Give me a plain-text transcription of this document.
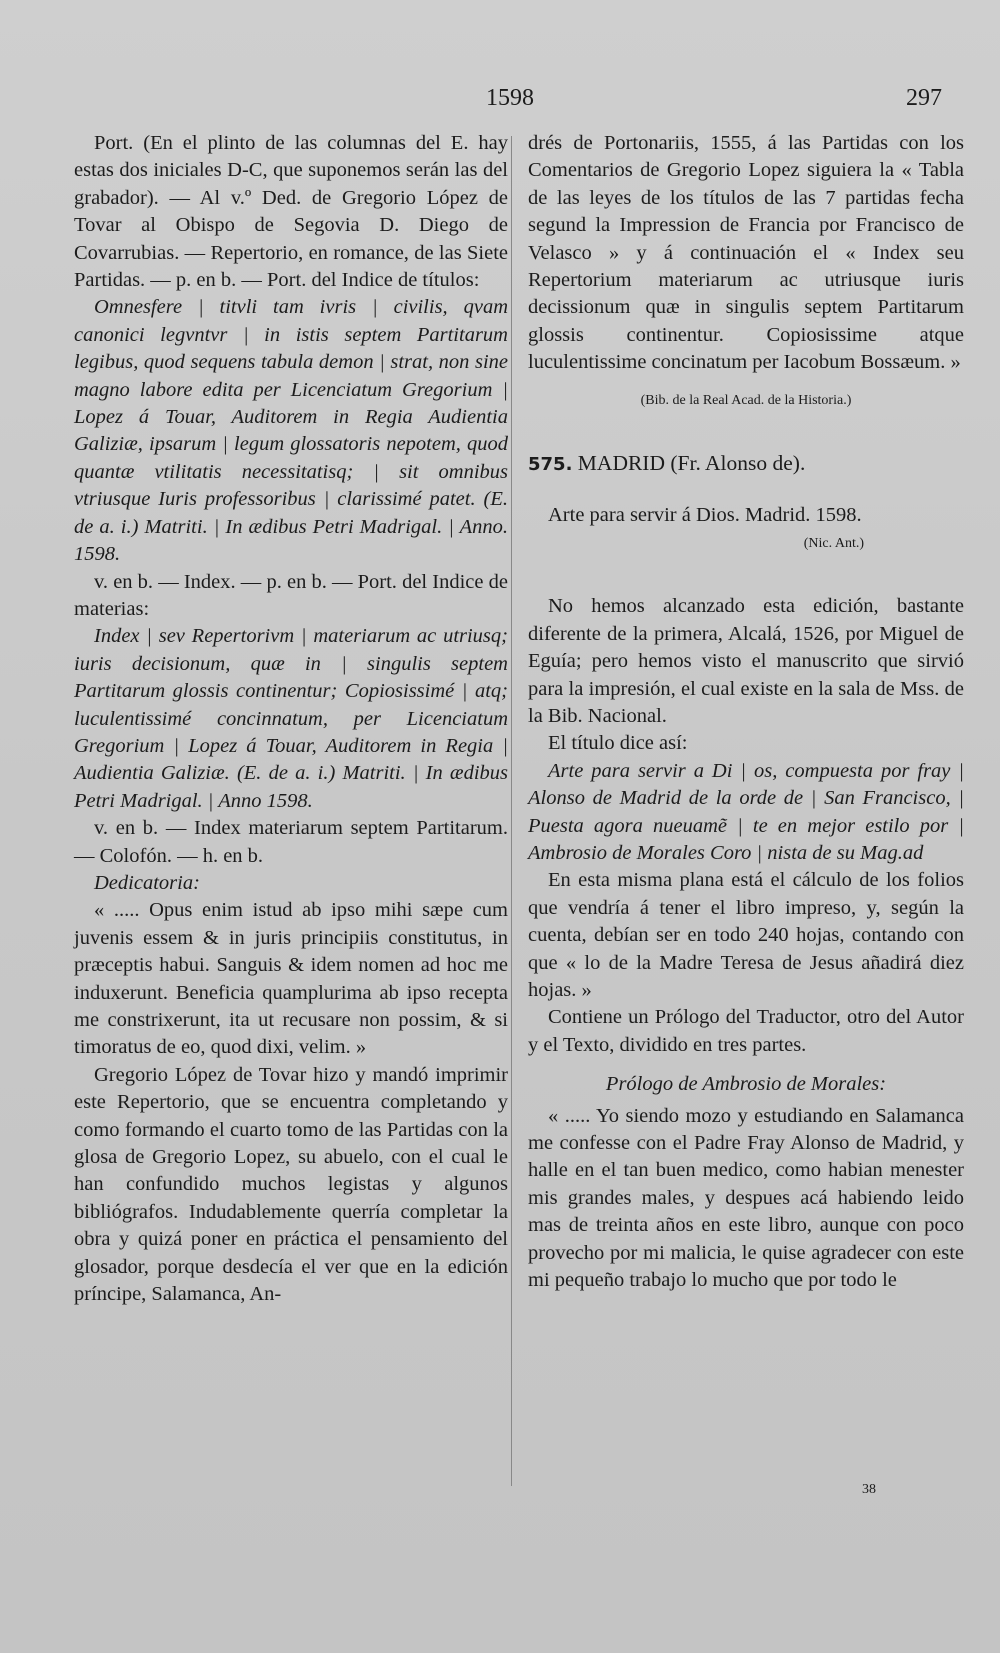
1598	297

Port. (En el plinto de las columnas del E. hay estas dos iniciales D-C, que suponemos serán las del grabador). — Al v.º Ded. de Gregorio López de Tovar al Obispo de Segovia D. Diego de Covarrubias. — Repertorio, en romance, de las Siete Partidas. — p. en b. — Port. del Indice de títulos:

Omnesfere | titvli tam ivris | civilis, qvam canonici legvntvr | in istis septem Partitarum legibus, quod sequens tabula demon | strat, non sine magno labore edita per Licenciatum Gregorium | Lopez á Touar, Auditorem in Regia Audientia Galiziæ, ipsarum | legum glossatoris nepotem, quod quantæ vtilitatis necessitatisq; | sit omnibus vtriusque Iuris professoribus | clarissimé patet. (E. de a. i.) Matriti. | In ædibus Petri Madrigal. | Anno. 1598.

v. en b. — Index. — p. en b. — Port. del Indice de materias:

Index | sev Repertorivm | materiarum ac utriusq; iuris decisionum, quæ in | singulis septem Partitarum glossis continentur; Copiosissimé | atq; luculentissimé concinnatum, per Licenciatum Gregorium | Lopez á Touar, Auditorem in Regia | Audientia Galiziæ. (E. de a. i.) Matriti. | In ædibus Petri Madrigal. | Anno 1598.

v. en b. — Index materiarum septem Partitarum. — Colofón. — h. en b.

Dedicatoria:

« ..... Opus enim istud ab ipso mihi sæpe cum juvenis essem & in juris principiis constitutus, in præceptis habui. Sanguis & idem nomen ad hoc me induxerunt. Beneficia quamplurima ab ipso recepta me constrixerunt, ita ut recusare non possim, & si timoratus de eo, quod dixi, velim. »

Gregorio López de Tovar hizo y mandó imprimir este Repertorio, que se encuentra completando y como formando el cuarto tomo de las Partidas con la glosa de Gregorio Lopez, su abuelo, con el cual le han confundido muchos legistas y algunos bibliógrafos. Indudablemente querría completar la obra y quizá poner en práctica el pensamiento del glosador, porque desdecía el ver que en la edición príncipe, Salamanca, An-

drés de Portonariis, 1555, á las Partidas con los Comentarios de Gregorio Lopez siguiera la « Tabla de las leyes de los títulos de las 7 partidas fecha segund la Impression de Francia por Francisco de Velasco » y á continuación el « Index seu Repertorium materiarum ac utriusque iuris decissionum quæ in singulis septem Partitarum glossis continentur. Copiosissime atque luculentissime concinatum per Iacobum Bossæum. »

(Bib. de la Real Acad. de la Historia.)

575. MADRID (Fr. Alonso de).

Arte para servir á Dios. Madrid. 1598.

(Nic. Ant.)

No hemos alcanzado esta edición, bastante diferente de la primera, Alcalá, 1526, por Miguel de Eguía; pero hemos visto el manuscrito que sirvió para la impresión, el cual existe en la sala de Mss. de la Bib. Nacional.

El título dice así:

Arte para servir a Di | os, compuesta por fray | Alonso de Madrid de la orde de | San Francisco, | Puesta agora nueuamẽ | te en mejor estilo por | Ambrosio de Morales Coro | nista de su Mag.ad

En esta misma plana está el cálculo de los folios que vendría á tener el libro impreso, y, según la cuenta, debían ser en todo 240 hojas, contando con que « lo de la Madre Teresa de Jesus añadirá diez hojas. »

Contiene un Prólogo del Traductor, otro del Autor y el Texto, dividido en tres partes.

Prólogo de Ambrosio de Morales:

« ..... Yo siendo mozo y estudiando en Salamanca me confesse con el Padre Fray Alonso de Madrid, y halle en el tan buen medico, como habian menester mis grandes males, y despues acá habiendo leido mas de treinta años en este libro, aunque con poco provecho por mi malicia, le quise agradecer con este mi pequeño trabajo lo mucho que por todo le

38
